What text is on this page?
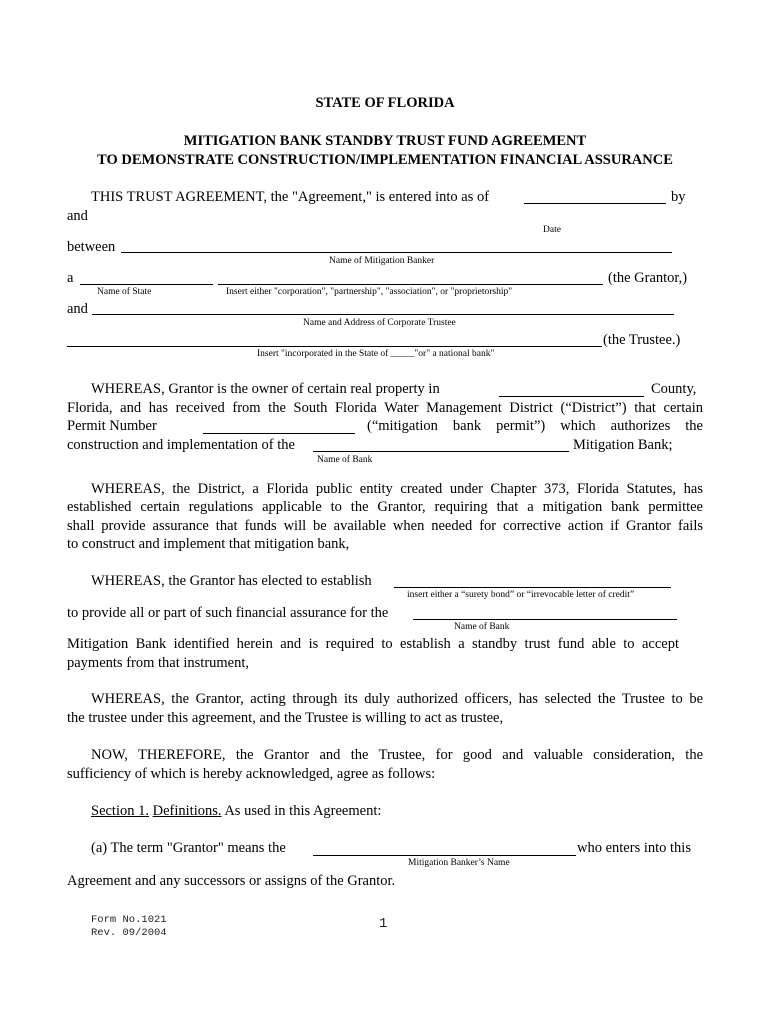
STATE OF FLORIDA
MITIGATION BANK STANDBY TRUST FUND AGREEMENT
TO DEMONSTRATE CONSTRUCTION/IMPLEMENTATION FINANCIAL ASSURANCE
THIS TRUST AGREEMENT, the "Agreement," is entered into as of	by
and
Date
between
Name of Mitigation Banker
a	(the Grantor,)
Name of State	Insert either "corporation", "partnership", "association", or "proprietorship"
and
Name and Address of Corporate Trustee
(the Trustee.)
Insert "incorporated in the State of _____"or" a national bank"
WHEREAS, Grantor is the owner of certain real property in	County,
Florida, and has received from the South Florida Water Management District (“District”) that certain
Permit Number	(“mitigation bank permit”) which authorizes the
construction and implementation of the	Mitigation Bank;
Name of Bank
WHEREAS, the District, a Florida public entity created under Chapter 373, Florida Statutes, has
established certain regulations applicable to the Grantor, requiring that a mitigation bank permittee
shall provide assurance that funds will be available when needed for corrective action if Grantor fails
to construct and implement that mitigation bank,
WHEREAS, the Grantor has elected to establish
insert either a “surety bond” or “irrevocable letter of credit”
to provide all or part of such financial assurance for the
Name of Bank
Mitigation Bank identified herein and is required to establish a standby trust fund able to accept
payments from that instrument,
WHEREAS, the Grantor, acting through its duly authorized officers, has selected the Trustee to be
the trustee under this agreement, and the Trustee is willing to act as trustee,
NOW, THEREFORE, the Grantor and the Trustee, for good and valuable consideration, the
sufficiency of which is hereby acknowledged, agree as follows:
Section 1. Definitions. As used in this Agreement:
(a) The term "Grantor" means the	who enters into this
Mitigation Banker’s Name
Agreement and any successors or assigns of the Grantor.
Form No.1021
Rev. 09/2004
1
